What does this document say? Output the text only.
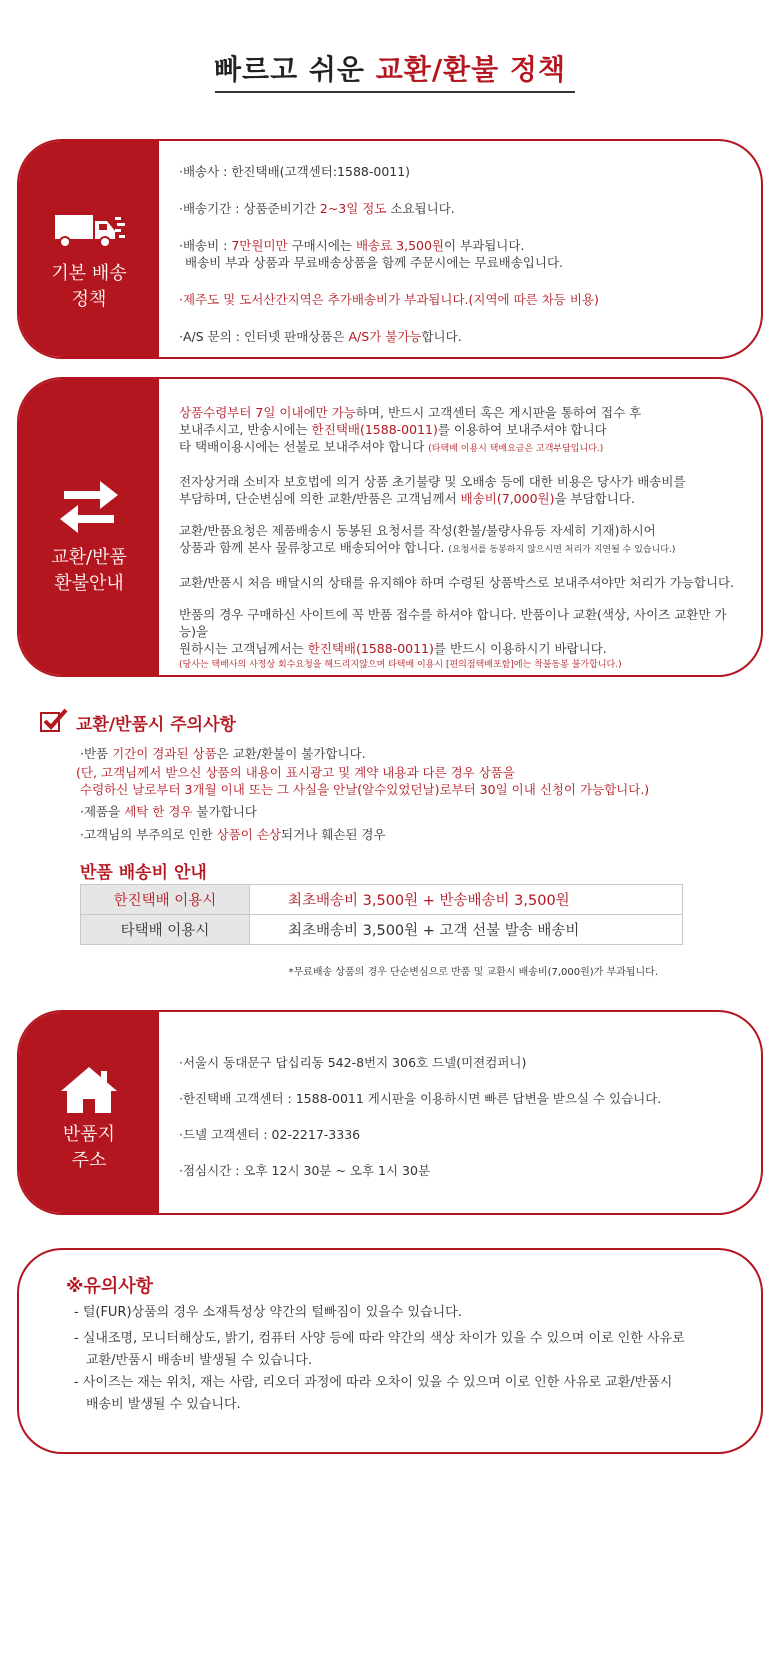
빠르고 쉬운 교환/환불 정책
기본 배송
정책

·배송사 : 한진택배(고객센터:1588-0011)

·배송기간 : 상품준비기간 2~3일 정도 소요됩니다.

·배송비 : 7만원미만 구매시에는 배송료 3,500원이 부과됩니다.

배송비 부과 상품과 무료배송상품을 함께 주문시에는 무료배송입니다.

·제주도 및 도서산간지역은 추가배송비가 부과됩니다.(지역에 따른 차등 비용)

·A/S 문의 : 인터넷 판매상품은 A/S가 불가능합니다.

교환/반품
환불안내

상품수령부터 7일 이내에만 가능하며, 반드시 고객센터 혹은 게시판을 통하여 접수 후

보내주시고, 반송시에는 한진택배(1588-0011)를 이용하여 보내주셔야 합니다

타 택배이용시에는 선불로 보내주셔야 합니다 (타택배 이용시 택배요금은 고객부담입니다.)

전자상거래 소비자 보호법에 의거 상품 초기불량 및 오배송 등에 대한 비용은 당사가 배송비를

부담하며, 단순변심에 의한 교환/반품은 고객님께서 배송비(7,000원)을 부담합니다.

교환/반품요청은 제품배송시 동봉된 요청서를 작성(환불/불량사유등 자세히 기재)하시어

상품과 함께 본사 물류창고로 배송되어야 합니다. (요청서를 동봉하지 않으시면 처리가 지연될 수 있습니다.)

교환/반품시 처음 배달시의 상태를 유지해야 하며 수령된 상품박스로 보내주셔야만 처리가 가능합니다.

반품의 경우 구매하신 사이트에 꼭 반품 접수를 하셔야 합니다. 반품이나 교환(색상, 사이즈 교환만 가능)을

원하시는 고객님께서는 한진택배(1588-0011)를 반드시 이용하시기 바랍니다.

(당사는 택배사의 사정상 회수요청을 해드리지않으며 타택배 이용시 [편의점택배포함]에는 착불동봉 불가합니다.)

교환/반품시 주의사항
·반품 기간이 경과된 상품은 교환/환불이 불가합니다.
(단, 고객님께서 받으신 상품의 내용이 표시광고 및 계약 내용과 다른 경우 상품을
수령하신 날로부터 3개월 이내 또는 그 사실을 안날(알수있었던날)로부터 30일 이내 신청이 가능합니다.)
·제품을 세탁 한 경우 불가합니다
·고객님의 부주의로 인한 상품이 손상되거나 훼손된 경우
반품 배송비 안내
한진택배 이용시	최초배송비 3,500원 + 반송배송비 3,500원
타택배 이용시	최초배송비 3,500원 + 고객 선불 발송 배송비
*무료배송 상품의 경우 단순변심으로 반품 및 교환시 배송비(7,000원)가 부과됩니다.
반품지
주소

·서울시 동대문구 답십리동 542-8번지 306호 드넬(미젼컴퍼니)

·한진택배 고객센터 : 1588-0011 게시판을 이용하시면 빠른 답변을 받으실 수 있습니다.

·드넬 고객센터 : 02-2217-3336

·점심시간 : 오후 12시 30분 ~ 오후 1시 30분

※유의사항
- 털(FUR)상품의 경우 소재특성상 약간의 털빠짐이 있을수 있습니다.
- 실내조명, 모니터해상도, 밝기, 컴퓨터 사양 등에 따라 약간의 색상 차이가 있을 수 있으며 이로 인한 사유로
교환/반품시 배송비 발생될 수 있습니다.
- 사이즈는 재는 위치, 재는 사람, 리오더 과정에 따라 오차이 있을 수 있으며 이로 인한 사유로 교환/반품시
배송비 발생될 수 있습니다.
